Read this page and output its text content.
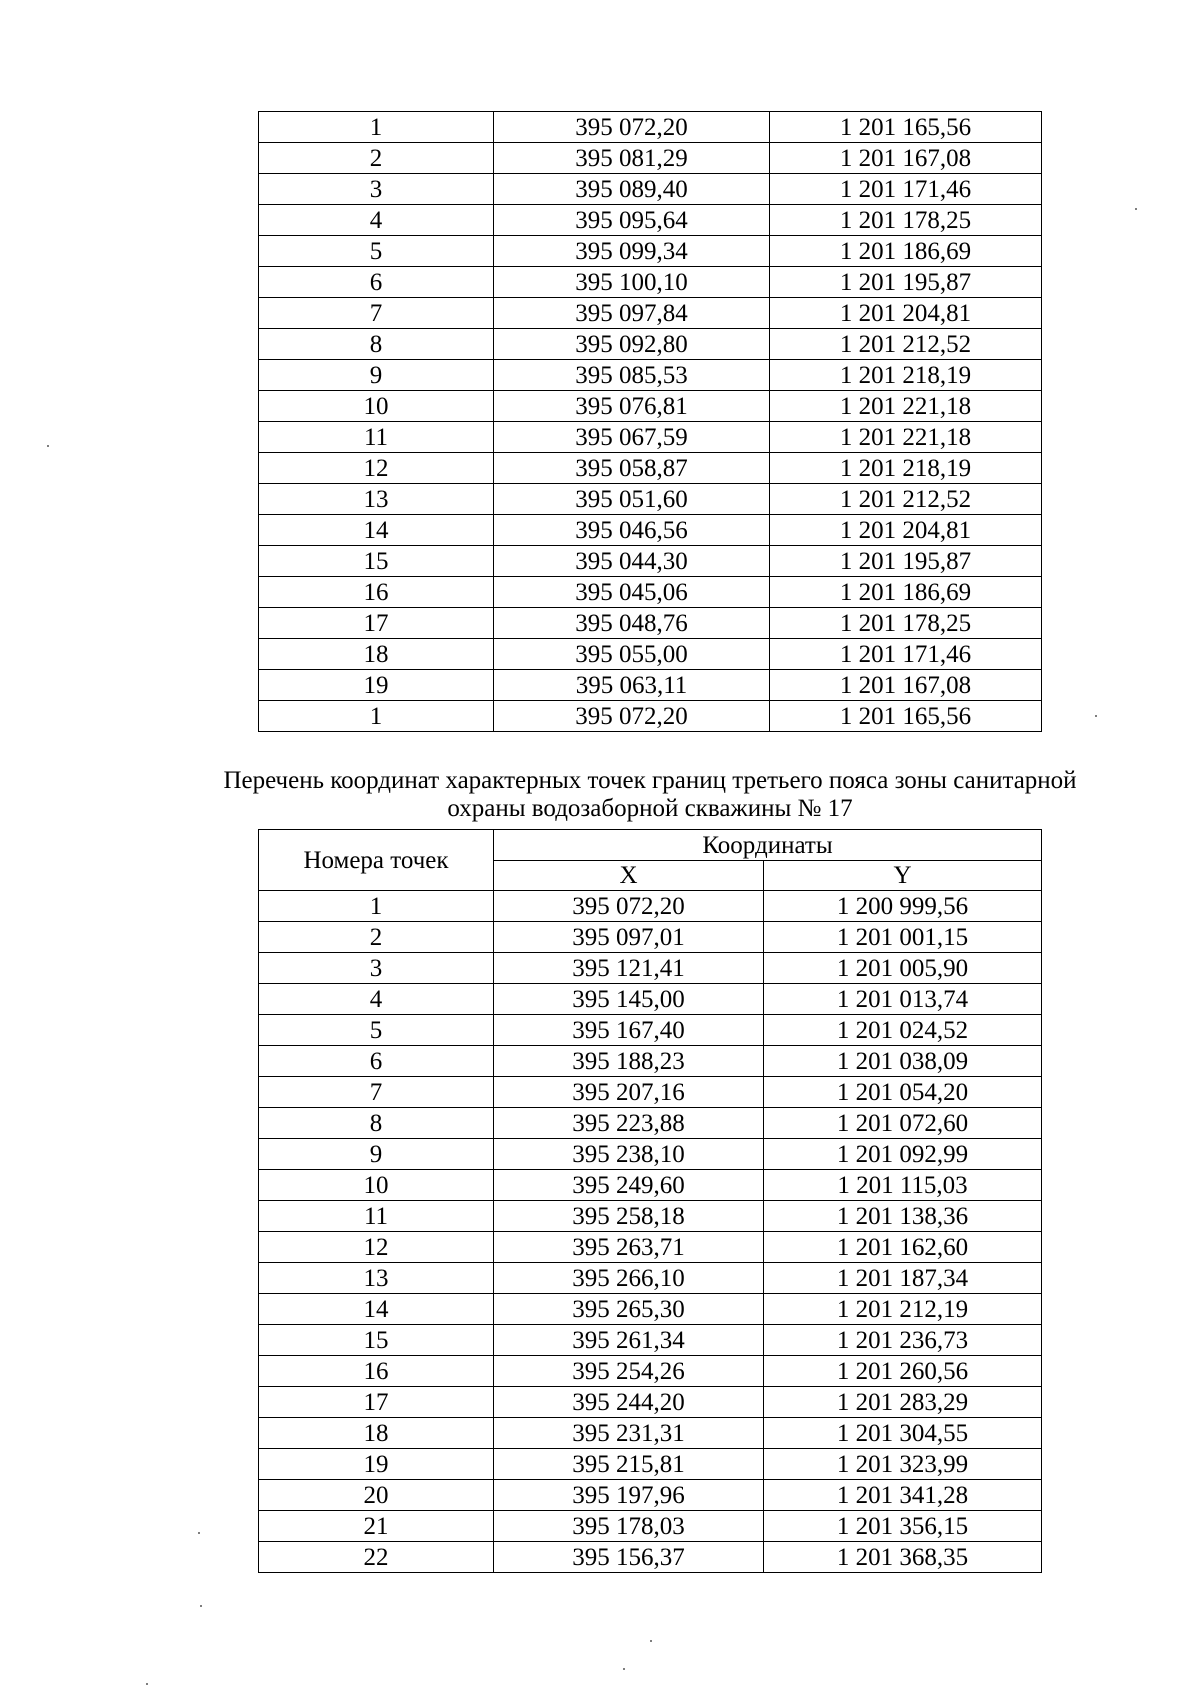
1	395 072,20	1 201 165,56
2	395 081,29	1 201 167,08
3	395 089,40	1 201 171,46
4	395 095,64	1 201 178,25
5	395 099,34	1 201 186,69
6	395 100,10	1 201 195,87
7	395 097,84	1 201 204,81
8	395 092,80	1 201 212,52
9	395 085,53	1 201 218,19
10	395 076,81	1 201 221,18
11	395 067,59	1 201 221,18
12	395 058,87	1 201 218,19
13	395 051,60	1 201 212,52
14	395 046,56	1 201 204,81
15	395 044,30	1 201 195,87
16	395 045,06	1 201 186,69
17	395 048,76	1 201 178,25
18	395 055,00	1 201 171,46
19	395 063,11	1 201 167,08
1	395 072,20	1 201 165,56
Перечень координат характерных точек границ третьего пояса зоны санитарной
охраны водозаборной скважины № 17
Номера точек	Координаты	
	X	Y
1	395 072,20	1 200 999,56
2	395 097,01	1 201 001,15
3	395 121,41	1 201 005,90
4	395 145,00	1 201 013,74
5	395 167,40	1 201 024,52
6	395 188,23	1 201 038,09
7	395 207,16	1 201 054,20
8	395 223,88	1 201 072,60
9	395 238,10	1 201 092,99
10	395 249,60	1 201 115,03
11	395 258,18	1 201 138,36
12	395 263,71	1 201 162,60
13	395 266,10	1 201 187,34
14	395 265,30	1 201 212,19
15	395 261,34	1 201 236,73
16	395 254,26	1 201 260,56
17	395 244,20	1 201 283,29
18	395 231,31	1 201 304,55
19	395 215,81	1 201 323,99
20	395 197,96	1 201 341,28
21	395 178,03	1 201 356,15
22	395 156,37	1 201 368,35
